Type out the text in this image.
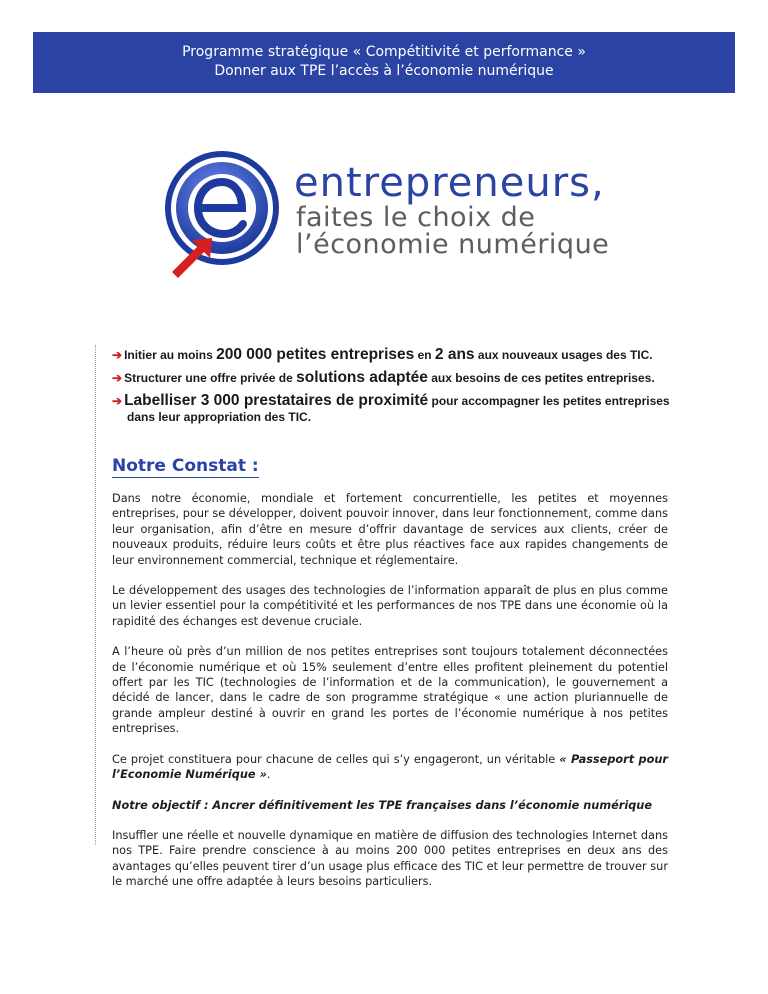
Programme stratégique « Compétitivité et performance »
Donner aux TPE l’accès à l’économie numérique
entrepreneurs,
faites le choix de
l’économie numérique
➔ Initier au moins 200 000 petites entreprises en 2 ans aux nouveaux usages des TIC.
➔ Structurer une offre privée de solutions adaptée aux besoins de ces petites entreprises.
➔ Labelliser 3 000 prestataires de proximité pour accompagner les petites entreprises
dans leur appropriation des TIC.
Notre Constat :

Dans notre économie, mondiale et fortement concurrentielle, les petites et moyennes entreprises, pour se développer, doivent pouvoir innover, dans leur fonctionnement, comme dans leur organisation, afin d’être en mesure d’offrir davantage de services aux clients, créer de nouveaux produits, réduire leurs coûts et être plus réactives face aux rapides changements de leur environnement commercial, technique et réglementaire.

Le développement des usages des technologies de l’information apparaît de plus en plus comme un levier essentiel pour la compétitivité et les performances de nos TPE dans une économie où la rapidité des échanges est devenue cruciale.

A l’heure où près d’un million de nos petites entreprises sont toujours totalement déconnectées de l’économie numérique et où 15% seulement d’entre elles profitent pleinement du potentiel offert par les TIC (technologies de l’information et de la communication), le gouvernement a décidé de lancer, dans le cadre de son programme stratégique « une action pluriannuelle de grande ampleur destiné à ouvrir en grand les portes de l’économie numérique à nos petites entreprises.

Ce projet constituera pour chacune de celles qui s’y engageront, un véritable « Passeport pour l’Economie Numérique ».

Notre objectif : Ancrer définitivement les TPE françaises dans l’économie numérique

Insuffler une réelle et nouvelle dynamique en matière de diffusion des technologies Internet dans nos TPE. Faire prendre conscience à au moins 200 000 petites entreprises en deux ans des avantages qu’elles peuvent tirer d’un usage plus efficace des TIC et leur permettre de trouver sur le marché une offre adaptée à leurs besoins particuliers.
